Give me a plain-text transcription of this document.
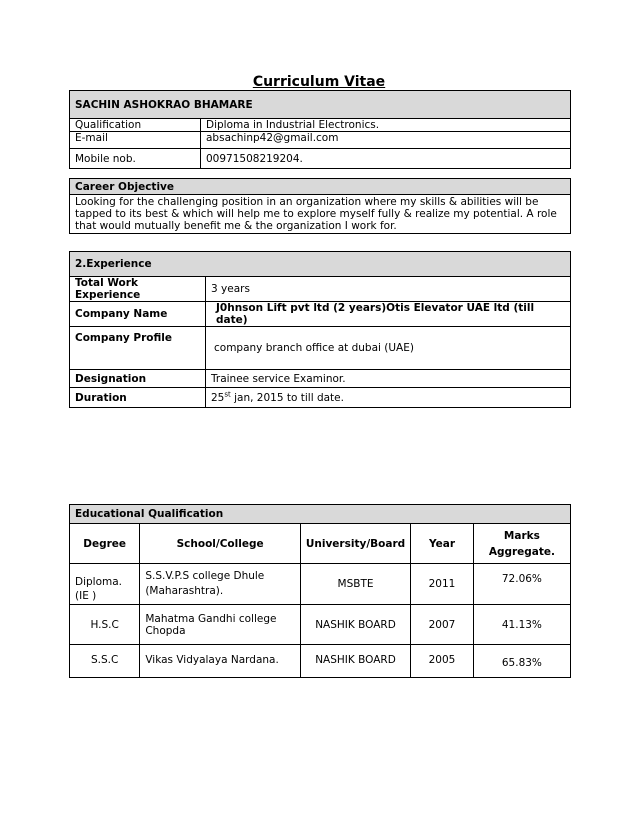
Curriculum Vitae
SACHIN ASHOKRAO BHAMARE	
Qualification	Diploma in Industrial Electronics.
E-mail	absachinp42@gmail.com
Mobile nob.	00971508219204.
Career Objective
Looking for the challenging position in an organization where my skills & abilities will be tapped to its best & which will help me to explore myself fully & realize my potential. A role that would mutually benefit me & the organization I work for.
2.Experience	
Total Work Experience	3 years
Company Name	J0hnson Lift pvt ltd (2 years)Otis Elevator UAE ltd (till date)
Company Profile	company branch office at dubai (UAE)
Designation	Trainee service Examinor.
Duration	25st jan, 2015 to till date.
Educational Qualification				
Degree	School/College	University/Board	Year	Marks Aggregate.
Diploma.(IE )	S.S.V.P.S college Dhule (Maharashtra).	MSBTE	2011	72.06%
H.S.C	Mahatma Gandhi college Chopda	NASHIK BOARD	2007	41.13%
S.S.C	Vikas Vidyalaya Nardana.	NASHIK BOARD	2005	65.83%
